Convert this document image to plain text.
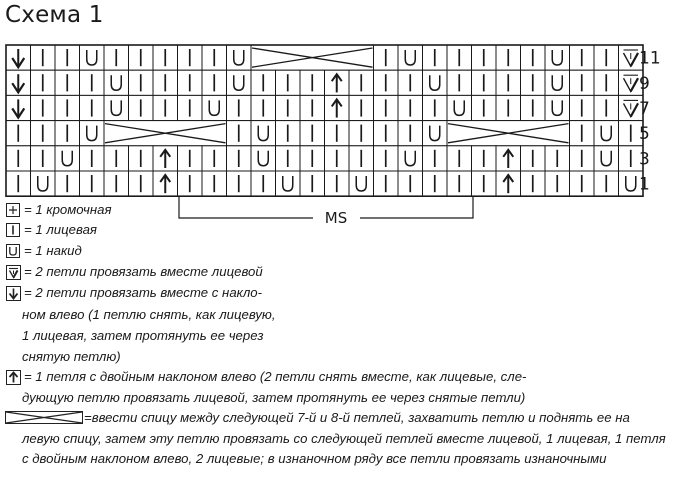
Схема 1
11
9
7
5
3
1
MS
= 1 кромочная
= 1 лицевая
= 1 накид
= 2 петли провязать вместе лицевой
= 2 петли провязать вместе с накло-
ном влево (1 петлю снять, как лицевую,
1 лицевая, затем протянуть ее через
снятую петлю)
= 1 петля с двойным наклоном влево (2 петли снять вместе, как лицевые, сле-
дующую петлю провязать лицевой, затем протянуть ее через снятые петли)
=ввести спицу между следующей 7-й и 8-й петлей, захватить петлю и поднять ее на
левую спицу, затем эту петлю провязать со следующей петлей вместе лицевой, 1 лицевая, 1 петля
с двойным наклоном влево, 2 лицевые; в изнаночном ряду все петли провязать изнаночными
